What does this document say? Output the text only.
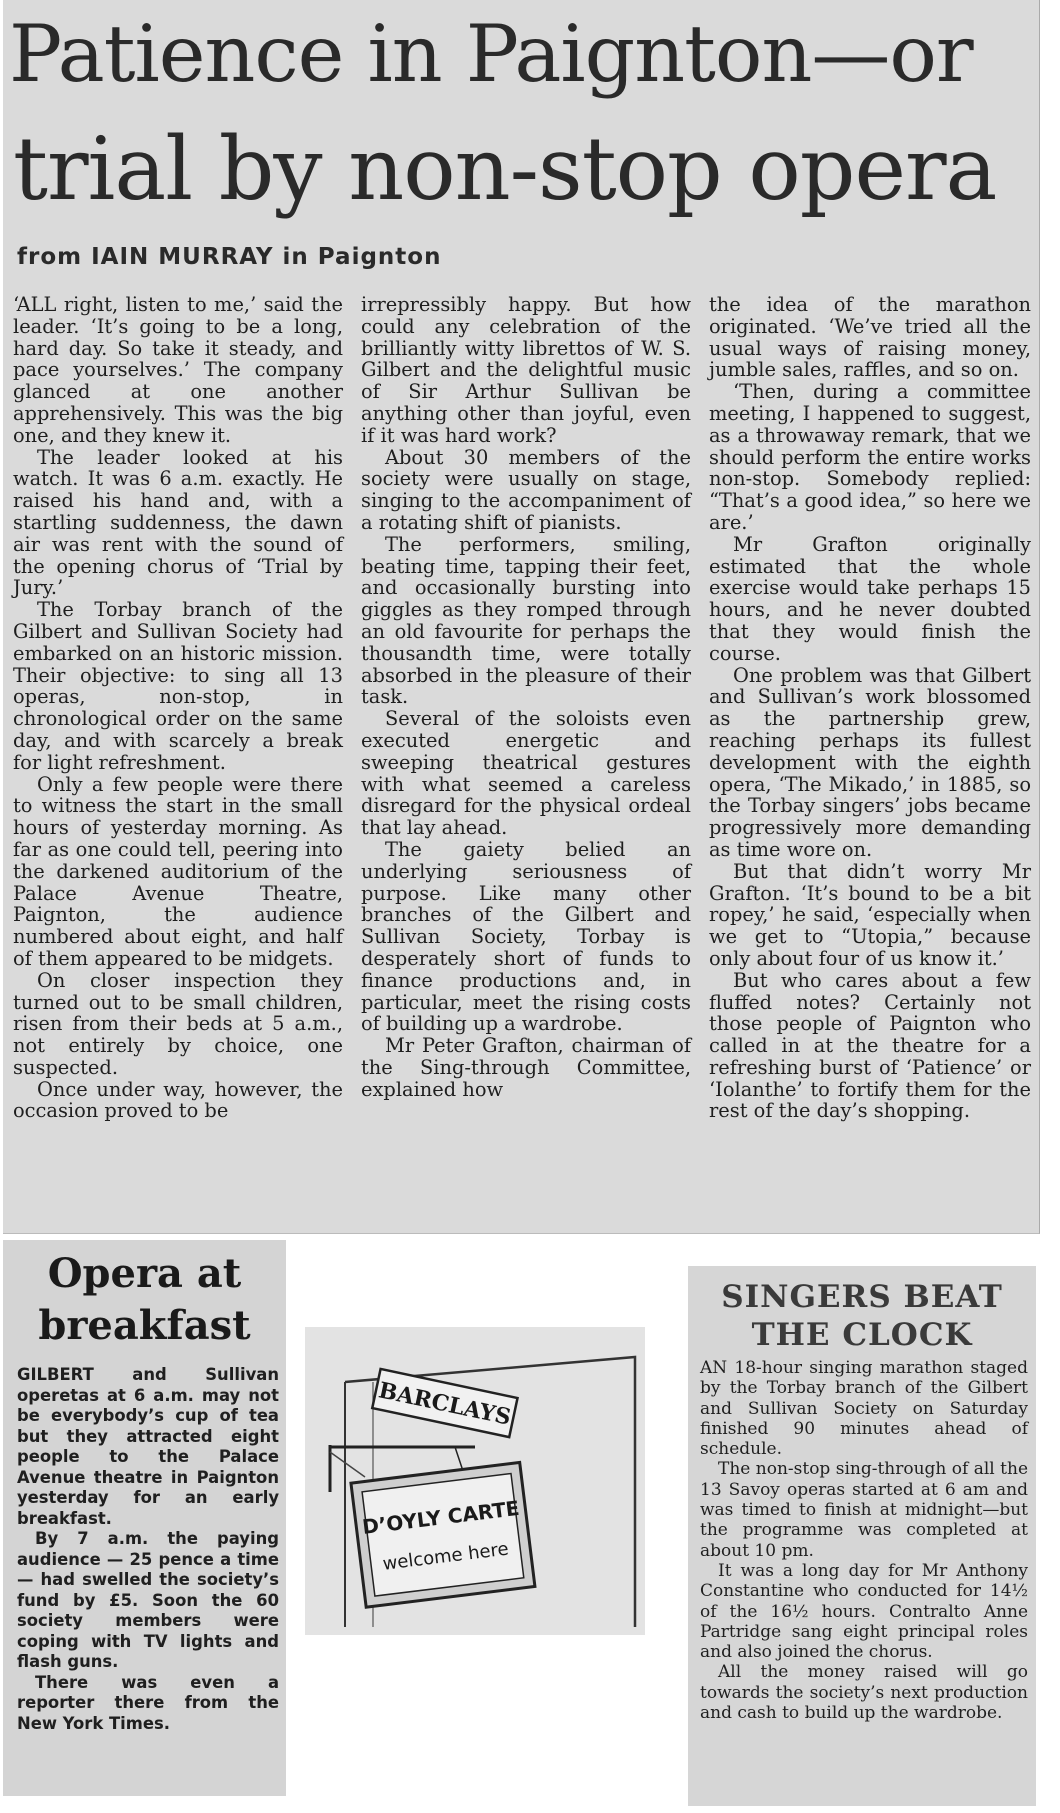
Patience in Paignton—or
trial by non-stop opera
from IAIN MURRAY in Paignton

‘ALL right, listen to me,’ said the leader. ‘It’s going to be a long, hard day. So take it steady, and pace yourselves.’ The company glanced at one another apprehensively. This was the big one, and they knew it.

The leader looked at his watch. It was 6 a.m. exactly. He raised his hand and, with a startling suddenness, the dawn air was rent with the sound of the opening chorus of ‘Trial by Jury.’

The Torbay branch of the Gilbert and Sullivan Society had embarked on an historic mission. Their objective: to sing all 13 operas, non-stop, in chronological order on the same day, and with scarcely a break for light refreshment.

Only a few people were there to witness the start in the small hours of yesterday morning. As far as one could tell, peering into the darkened auditorium of the Palace Avenue Theatre, Paignton, the audience numbered about eight, and half of them appeared to be midgets.

On closer inspection they turned out to be small children, risen from their beds at 5 a.m., not entirely by choice, one suspected.

Once under way, however, the occasion proved to be

irrepressibly happy. But how could any celebration of the brilliantly witty librettos of W. S. Gilbert and the delightful music of Sir Arthur Sullivan be anything other than joyful, even if it was hard work?

About 30 members of the society were usually on stage, singing to the accompaniment of a rotating shift of pianists.

The performers, smiling, beating time, tapping their feet, and occasionally bursting into giggles as they romped through an old favourite for perhaps the thousandth time, were totally absorbed in the pleasure of their task.

Several of the soloists even executed energetic and sweeping theatrical gestures with what seemed a careless disregard for the physical ordeal that lay ahead.

The gaiety belied an underlying seriousness of purpose. Like many other branches of the Gilbert and Sullivan Society, Torbay is desperately short of funds to finance productions and, in particular, meet the rising costs of building up a wardrobe.

Mr Peter Grafton, chairman of the Sing-through Committee, explained how

the idea of the marathon originated. ‘We’ve tried all the usual ways of raising money, jumble sales, raffles, and so on.

‘Then, during a committee meeting, I happened to suggest, as a throwaway remark, that we should perform the entire works non-stop. Somebody replied: “That’s a good idea,” so here we are.’

Mr Grafton originally estimated that the whole exercise would take perhaps 15 hours, and he never doubted that they would finish the course.

One problem was that Gilbert and Sullivan’s work blossomed as the partnership grew, reaching perhaps its fullest development with the eighth opera, ‘The Mikado,’ in 1885, so the Torbay singers’ jobs became progressively more demanding as time wore on.

But that didn’t worry Mr Grafton. ‘It’s bound to be a bit ropey,’ he said, ‘especially when we get to “Utopia,” because only about four of us know it.’

But who cares about a few fluffed notes? Certainly not those people of Paignton who called in at the theatre for a refreshing burst of ‘Patience’ or ‘Iolanthe’ to fortify them for the rest of the day’s shopping.

Opera at
breakfast

GILBERT and Sullivan operetas at 6 a.m. may not be everybody’s cup of tea but they attracted eight people to the Palace Avenue theatre in Paignton yesterday for an early breakfast.

By 7 a.m. the paying audience — 25 pence a time — had swelled the society’s fund by £5. Soon the 60 society members were coping with TV lights and flash guns.

There was even a reporter there from the New York Times.

BARCLAYS
D’OYLY CARTE
welcome here
SINGERS BEAT
THE CLOCK

AN 18-hour singing marathon staged by the Torbay branch of the Gilbert and Sullivan Society on Saturday finished 90 minutes ahead of schedule.

The non-stop sing-through of all the 13 Savoy operas started at 6 am and was timed to finish at midnight—but the programme was completed at about 10 pm.

It was a long day for Mr Anthony Constantine who conducted for 14½ of the 16½ hours. Contralto Anne Partridge sang eight principal roles and also joined the chorus.

All the money raised will go towards the society’s next production and cash to build up the wardrobe.
